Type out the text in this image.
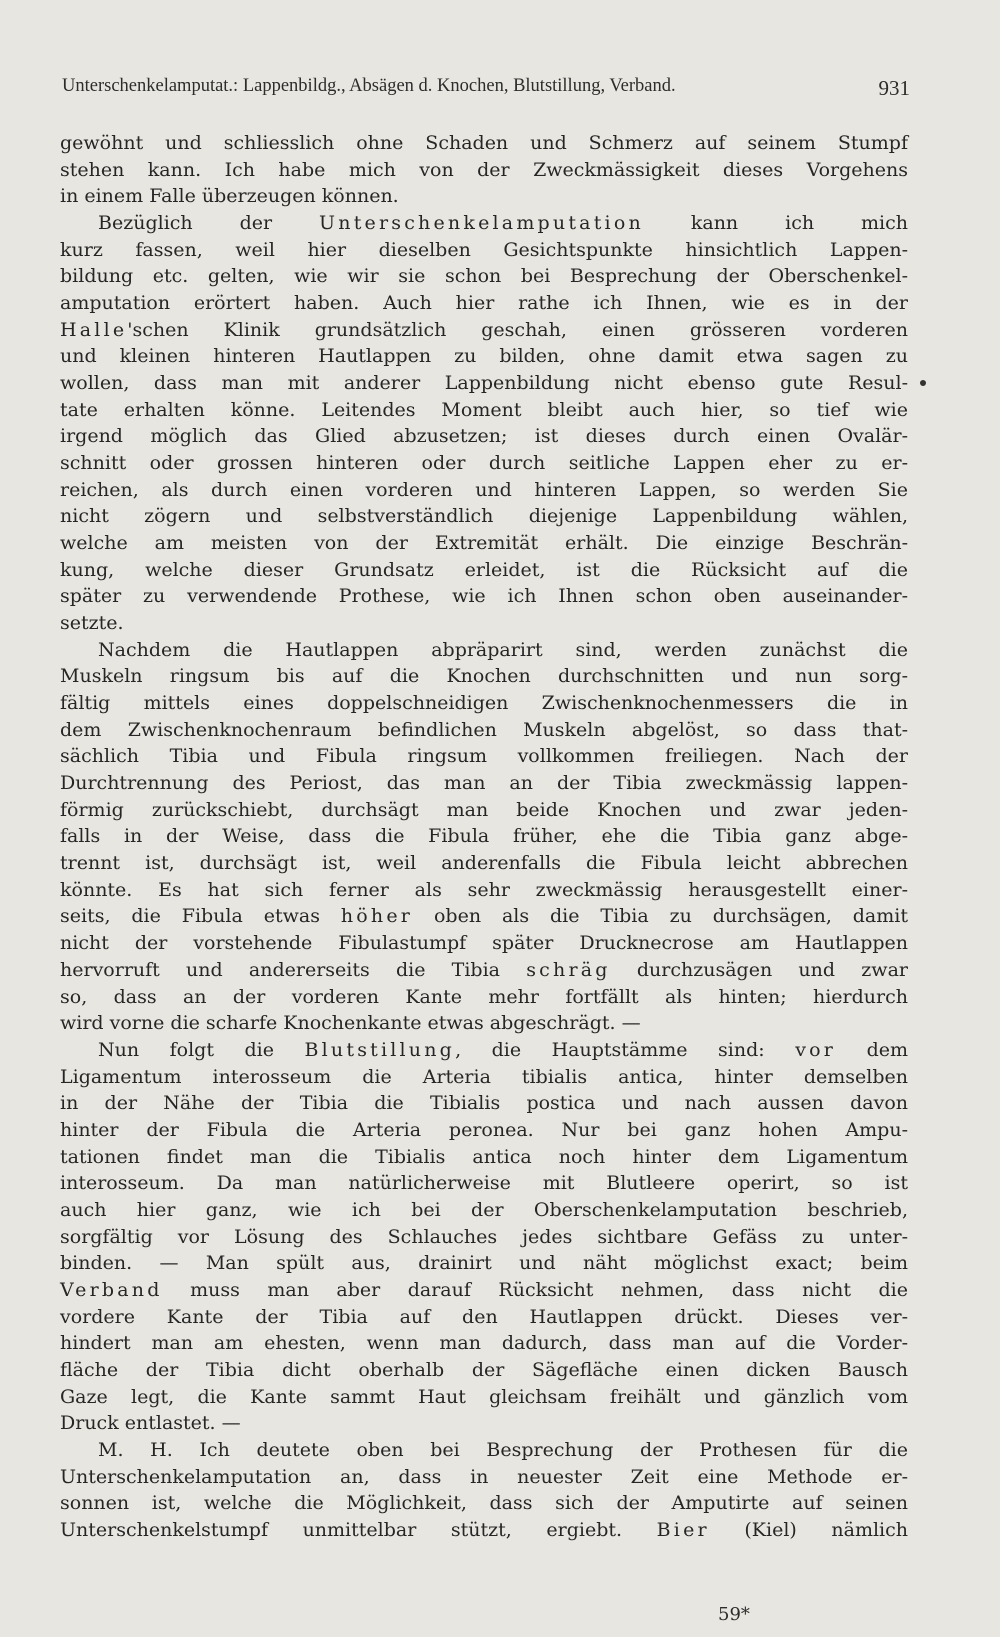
Unterschenkelamputat.: Lappenbildg., Absägen d. Knochen, Blutstillung, Verband.	931
gewöhnt und schliesslich ohne Schaden und Schmerz auf seinem Stumpf
stehen kann. Ich habe mich von der Zweckmässigkeit dieses Vorgehens
in einem Falle überzeugen können.
Bezüglich der Unterschenkelamputation kann ich mich
kurz fassen, weil hier dieselben Gesichtspunkte hinsichtlich Lappen-
bildung etc. gelten, wie wir sie schon bei Besprechung der Oberschenkel-
amputation erörtert haben. Auch hier rathe ich Ihnen, wie es in der
Halle'schen Klinik grundsätzlich geschah, einen grösseren vorderen
und kleinen hinteren Hautlappen zu bilden, ohne damit etwa sagen zu
wollen, dass man mit anderer Lappenbildung nicht ebenso gute Resul-
tate erhalten könne. Leitendes Moment bleibt auch hier, so tief wie
irgend möglich das Glied abzusetzen; ist dieses durch einen Ovalär-
schnitt oder grossen hinteren oder durch seitliche Lappen eher zu er-
reichen, als durch einen vorderen und hinteren Lappen, so werden Sie
nicht zögern und selbstverständlich diejenige Lappenbildung wählen,
welche am meisten von der Extremität erhält. Die einzige Beschrän-
kung, welche dieser Grundsatz erleidet, ist die Rücksicht auf die
später zu verwendende Prothese, wie ich Ihnen schon oben auseinander-
setzte.
Nachdem die Hautlappen abpräparirt sind, werden zunächst die
Muskeln ringsum bis auf die Knochen durchschnitten und nun sorg-
fältig mittels eines doppelschneidigen Zwischenknochenmessers die in
dem Zwischenknochenraum befindlichen Muskeln abgelöst, so dass that-
sächlich Tibia und Fibula ringsum vollkommen freiliegen. Nach der
Durchtrennung des Periost, das man an der Tibia zweckmässig lappen-
förmig zurückschiebt, durchsägt man beide Knochen und zwar jeden-
falls in der Weise, dass die Fibula früher, ehe die Tibia ganz abge-
trennt ist, durchsägt ist, weil anderenfalls die Fibula leicht abbrechen
könnte. Es hat sich ferner als sehr zweckmässig herausgestellt einer-
seits, die Fibula etwas höher oben als die Tibia zu durchsägen, damit
nicht der vorstehende Fibulastumpf später Drucknecrose am Hautlappen
hervorruft und andererseits die Tibia schräg durchzusägen und zwar
so, dass an der vorderen Kante mehr fortfällt als hinten; hierdurch
wird vorne die scharfe Knochenkante etwas abgeschrägt. —
Nun folgt die Blutstillung, die Hauptstämme sind: vor dem
Ligamentum interosseum die Arteria tibialis antica, hinter demselben
in der Nähe der Tibia die Tibialis postica und nach aussen davon
hinter der Fibula die Arteria peronea. Nur bei ganz hohen Ampu-
tationen findet man die Tibialis antica noch hinter dem Ligamentum
interosseum. Da man natürlicherweise mit Blutleere operirt, so ist
auch hier ganz, wie ich bei der Oberschenkelamputation beschrieb,
sorgfältig vor Lösung des Schlauches jedes sichtbare Gefäss zu unter-
binden. — Man spült aus, drainirt und näht möglichst exact; beim
Verband muss man aber darauf Rücksicht nehmen, dass nicht die
vordere Kante der Tibia auf den Hautlappen drückt. Dieses ver-
hindert man am ehesten, wenn man dadurch, dass man auf die Vorder-
fläche der Tibia dicht oberhalb der Sägefläche einen dicken Bausch
Gaze legt, die Kante sammt Haut gleichsam freihält und gänzlich vom
Druck entlastet. —
M. H. Ich deutete oben bei Besprechung der Prothesen für die
Unterschenkelamputation an, dass in neuester Zeit eine Methode er-
sonnen ist, welche die Möglichkeit, dass sich der Amputirte auf seinen
Unterschenkelstumpf unmittelbar stützt, ergiebt. Bier (Kiel) nämlich
59*
